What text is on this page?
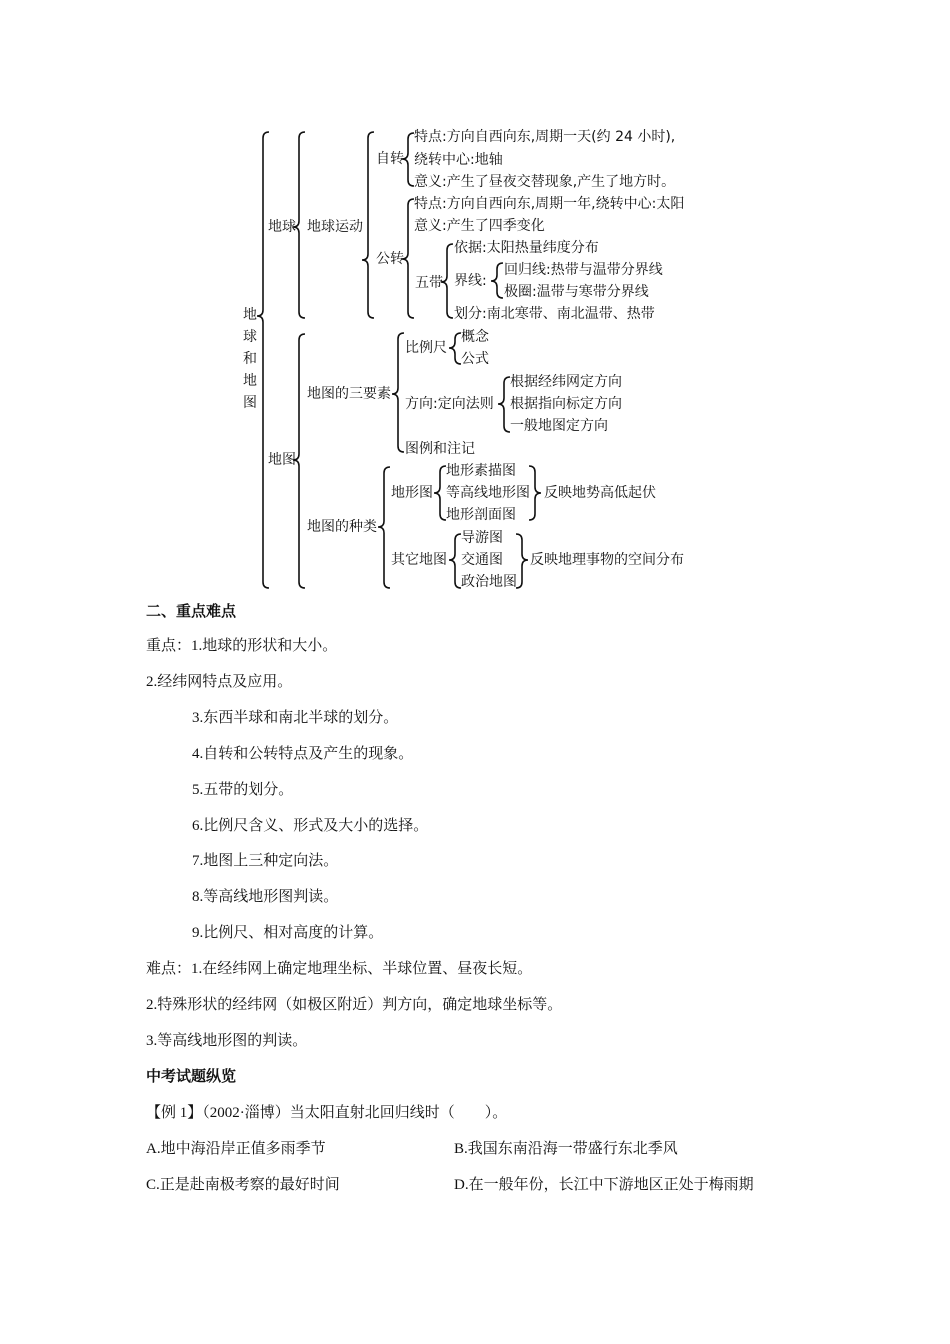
地
球
和
地
图
地球 地球运动
自转
特点:方向自西向东,周期一天(约 24 小时),
绕转中心:地轴
意义:产生了昼夜交替现象,产生了地方时。
公转
特点:方向自西向东,周期一年,绕转中心:太阳
意义:产生了四季变化
五带
依据:太阳热量纬度分布
界线:
回归线:热带与温带分界线
极圈:温带与寒带分界线
划分:南北寒带、南北温带、热带
地图
地图的三要素
比例尺
概念
公式
方向:定向法则
根据经纬网定方向
根据指向标定方向
一般地图定方向
图例和注记
地图的种类
地形图
地形素描图
等高线地形图
地形剖面图
反映地势高低起伏
其它地图
导游图
交通图
政治地图
反映地理事物的空间分布
二、重点难点
重点：1.地球的形状和大小。
2.经纬网特点及应用。
3.东西半球和南北半球的划分。
4.自转和公转特点及产生的现象。
5.五带的划分。
6.比例尺含义、形式及大小的选择。
7.地图上三种定向法。
8.等高线地形图判读。
9.比例尺、相对高度的计算。
难点：1.在经纬网上确定地理坐标、半球位置、昼夜长短。
2.特殊形状的经纬网（如极区附近）判方向，确定地球坐标等。
3.等高线地形图的判读。
中考试题纵览
【例 1】（2002·淄博）当太阳直射北回归线时（　　）。
A.地中海沿岸正值多雨季节	B.我国东南沿海一带盛行东北季风
C.正是赴南极考察的最好时间	D.在一般年份，长江中下游地区正处于梅雨期
